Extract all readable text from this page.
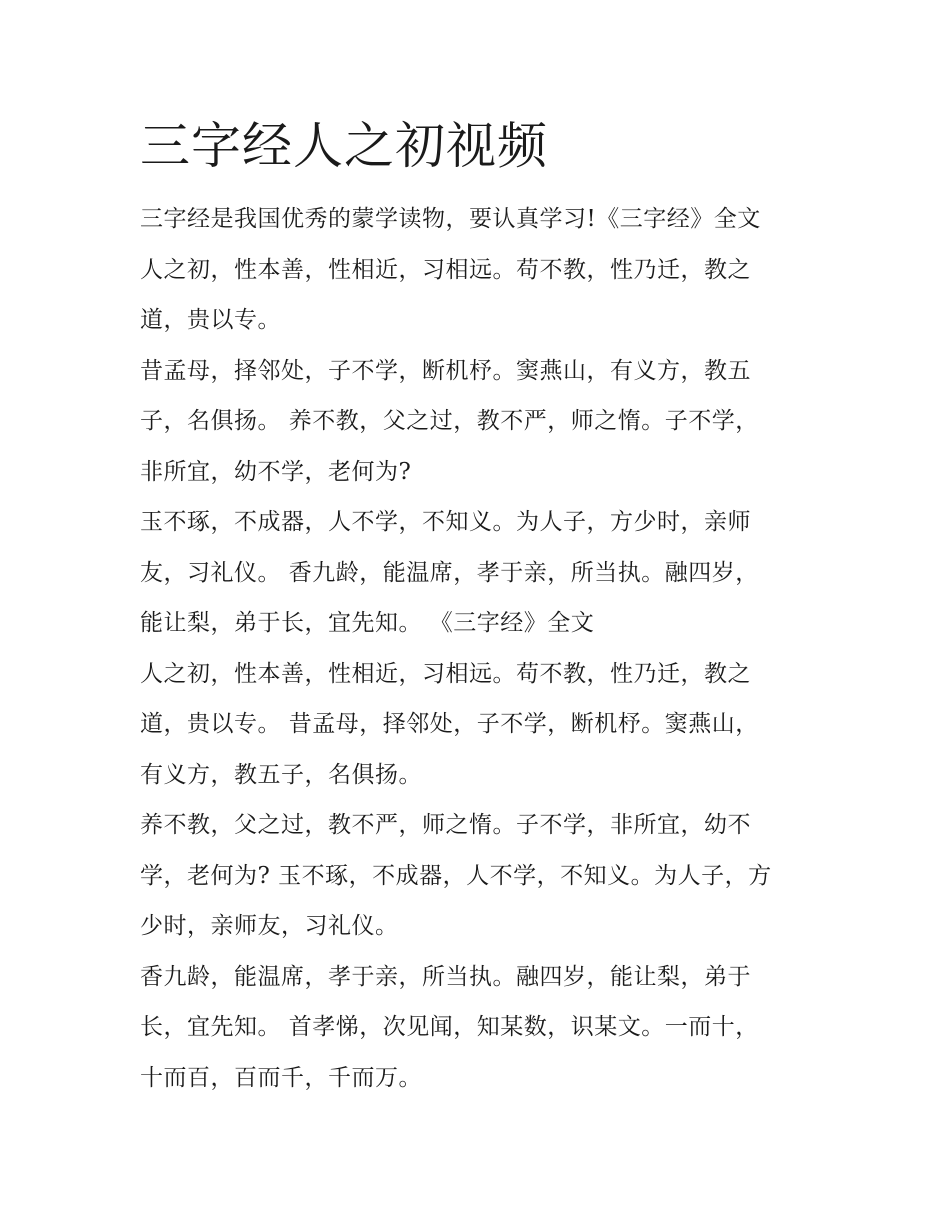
三字经人之初视频

三字经是我国优秀的蒙学读物，要认真学习!《三字经》全文
人之初，性本善，性相近，习相远。苟不教，性乃迁，教之
道，贵以专。

昔孟母，择邻处，子不学，断机杼。窦燕山，有义方，教五
子，名俱扬。 养不教，父之过，教不严，师之惰。子不学，
非所宜，幼不学，老何为?

玉不琢，不成器，人不学，不知义。为人子，方少时，亲师
友，习礼仪。 香九龄，能温席，孝于亲，所当执。融四岁，
能让梨，弟于长，宜先知。 《三字经》全文

人之初，性本善，性相近，习相远。苟不教，性乃迁，教之
道，贵以专。 昔孟母，择邻处，子不学，断机杼。窦燕山，
有义方，教五子，名俱扬。

养不教，父之过，教不严，师之惰。子不学，非所宜，幼不
学，老何为? 玉不琢，不成器，人不学，不知义。为人子，方
少时，亲师友，习礼仪。

香九龄，能温席，孝于亲，所当执。融四岁，能让梨，弟于
长，宜先知。 首孝悌，次见闻，知某数，识某文。一而十，
十而百，百而千，千而万。
